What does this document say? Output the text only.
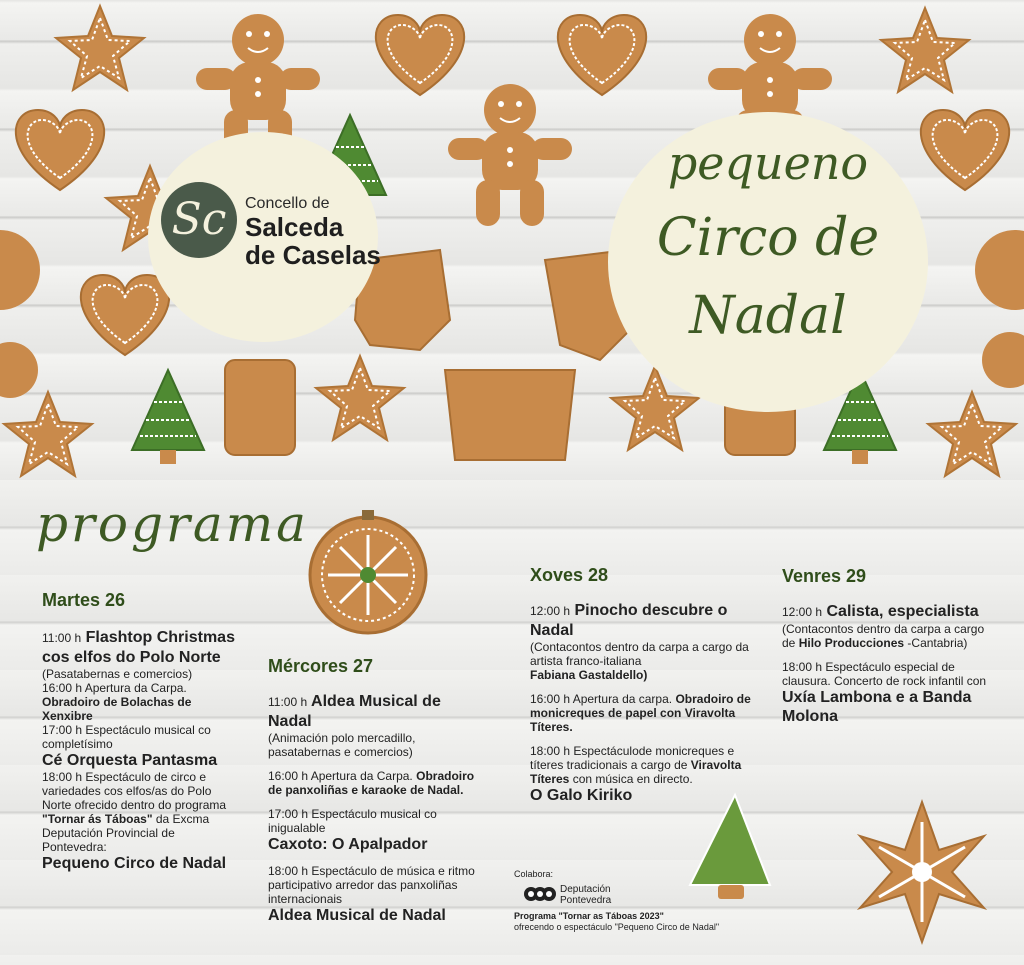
Sc	Concello de
Salceda
de Caselas
pequeno
Circo de
Nadal
programa
Martes 26
11:00 h Flashtop Christmas cos elfos do Polo Norte
(Pasatabernas e comercios)
16:00 h Apertura da Carpa.
Obradoiro de Bolachas de Xenxibre
17:00 h Espectáculo musical co completísimo
Cé Orquesta Pantasma
18:00 h Espectáculo de circo e variedades cos elfos/as do Polo Norte ofrecido dentro do programa "Tornar ás Táboas" da Excma Deputación Provincial de Pontevedra:
Pequeno Circo de Nadal
Mércores 27
11:00 h Aldea Musical de Nadal
(Animación polo mercadillo, pasatabernas e comercios)
16:00 h Apertura da Carpa. Obradoiro de panxoliñas e karaoke de Nadal.
17:00 h Espectáculo musical co inigualable
Caxoto: O Apalpador
18:00 h Espectáculo de música e ritmo participativo arredor das panxoliñas internacionais
Aldea Musical de Nadal
Xoves 28
12:00 h Pinocho descubre o Nadal
(Contacontos dentro da carpa a cargo da artista franco-italiana
Fabiana Gastaldello)
16:00 h Apertura da carpa. Obradoiro de monicreques de papel con Viravolta Títeres.
18:00 h Espectáculode monicreques e títeres tradicionais a cargo de Viravolta Títeres con música en directo.
O Galo Kiriko
Venres 29
12:00 h Calista, especialista
(Contacontos dentro da carpa a cargo de Hilo Producciones -Cantabria)
18:00 h Espectáculo especial de clausura. Concerto de rock infantil con
Uxía Lambona e a Banda Molona
Colabora:
Deputación
Pontevedra
Programa "Tornar as Táboas 2023"
ofrecendo o espectáculo "Pequeno Circo de Nadal"
